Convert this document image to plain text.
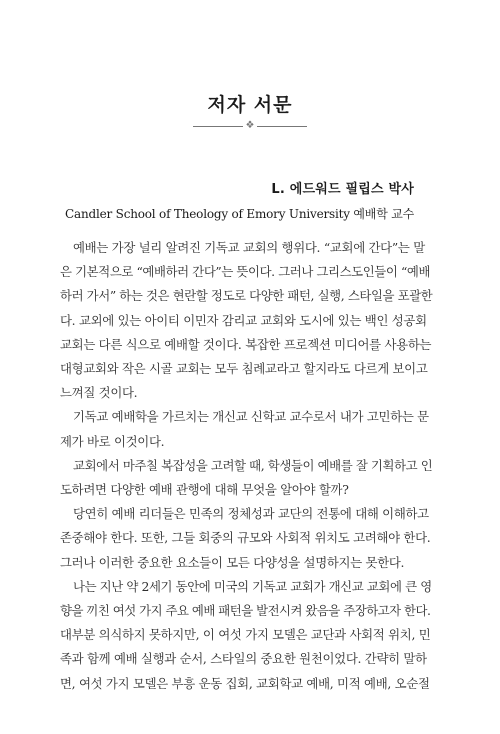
저자 서문
❖
L. 에드워드 필립스 박사
Candler School of Theology of Emory University 예배학 교수
예배는 가장 널리 알려진 기독교 교회의 행위다. “교회에 간다”는 말
은 기본적으로 “예배하러 간다”는 뜻이다. 그러나 그리스도인들이 “예배
하러 가서” 하는 것은 현란할 정도로 다양한 패턴, 실행, 스타일을 포괄한
다. 교외에 있는 아이티 이민자 감리교 교회와 도시에 있는 백인 성공회
교회는 다른 식으로 예배할 것이다. 복잡한 프로젝션 미디어를 사용하는
대형교회와 작은 시골 교회는 모두 침례교라고 할지라도 다르게 보이고
느껴질 것이다.
기독교 예배학을 가르치는 개신교 신학교 교수로서 내가 고민하는 문
제가 바로 이것이다.
교회에서 마주칠 복잡성을 고려할 때, 학생들이 예배를 잘 기획하고 인
도하려면 다양한 예배 관행에 대해 무엇을 알아야 할까?
당연히 예배 리더들은 민족의 정체성과 교단의 전통에 대해 이해하고
존중해야 한다. 또한, 그들 회중의 규모와 사회적 위치도 고려해야 한다.
그러나 이러한 중요한 요소들이 모든 다양성을 설명하지는 못한다.
나는 지난 약 2세기 동안에 미국의 기독교 교회가 개신교 교회에 큰 영
향을 끼친 여섯 가지 주요 예배 패턴을 발전시켜 왔음을 주장하고자 한다.
대부분 의식하지 못하지만, 이 여섯 가지 모델은 교단과 사회적 위치, 민
족과 함께 예배 실행과 순서, 스타일의 중요한 원천이었다. 간략히 말하
면, 여섯 가지 모델은 부흥 운동 집회, 교회학교 예배, 미적 예배, 오순절
